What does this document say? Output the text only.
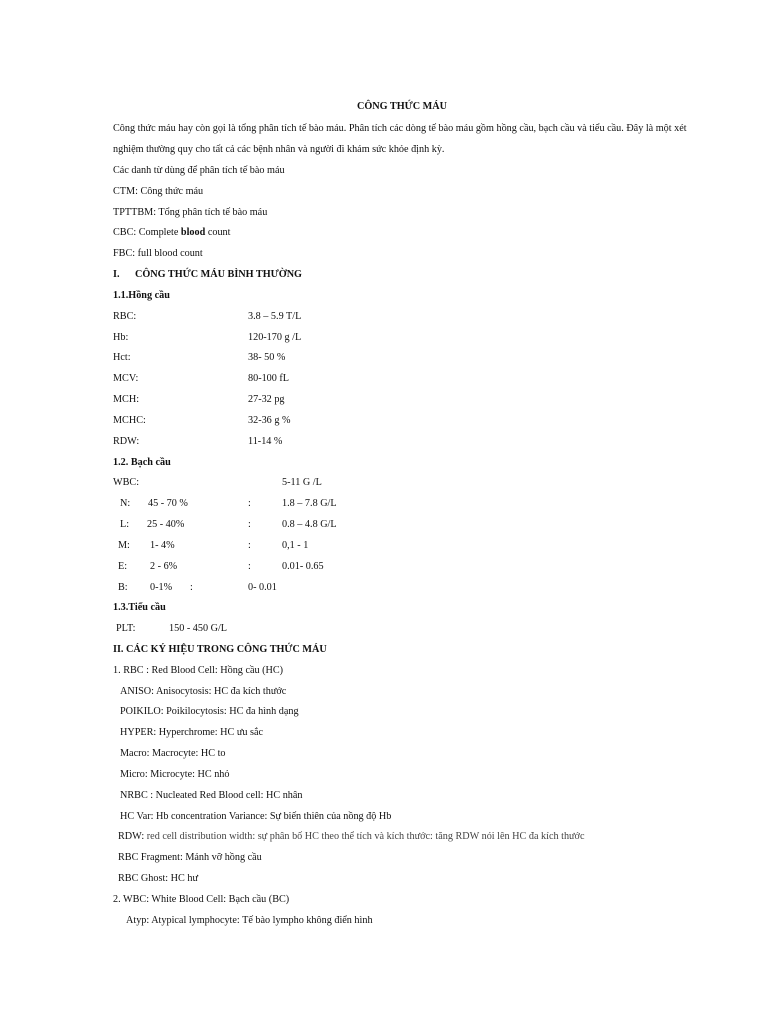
CÔNG THỨC MÁU
Công thức máu hay còn gọi là tổng phân tích tế bào máu. Phân tích các dòng tế bào máu gồm hồng cầu, bạch cầu và tiểu cầu. Đây là một xét
nghiệm thường quy cho tất cả các bệnh nhân và người đi khám sức khỏe định kỳ.
Các danh từ dùng để phân tích tế bào máu
CTM: Công thức máu
TPTTBM: Tổng phân tích tế bào máu
CBC: Complete blood count
FBC: full blood count
I. CÔNG THỨC MÁU BÌNH THƯỜNG
1.1.Hồng cầu
RBC:	3.8 – 5.9 T/L
Hb:	120-170 g /L
Hct:	38- 50 %
MCV:	80-100 fL
MCH:	27-32 pg
MCHC:	32-36 g %
RDW:	11-14 %
1.2. Bạch cầu
WBC:	5-11 G /L
N: 45 - 70 %	:	1.8 – 7.8 G/L
L: 25 - 40%	:	0.8 – 4.8 G/L
M: 1- 4%	:	0,1 - 1
E: 2 - 6%	:	0.01- 0.65
B: 0-1% :	0- 0.01
1.3.Tiểu cầu
PLT:	150 - 450 G/L
II. CÁC KÝ HIỆU TRONG CÔNG THỨC MÁU
1. RBC : Red Blood Cell: Hồng cầu (HC)
ANISO: Anisocytosis: HC đa kích thước
POIKILO: Poikilocytosis: HC đa hình dạng
HYPER: Hyperchrome: HC ưu sắc
Macro: Macrocyte: HC to
Micro: Microcyte: HC nhỏ
NRBC : Nucleated Red Blood cell: HC nhân
HC Var: Hb concentration Variance: Sự biến thiên của nồng độ Hb
RDW: red cell distribution width: sự phân bố HC theo thể tích và kích thước: tăng RDW nói lên HC đa kích thước
RBC Fragment: Mảnh vỡ hồng cầu
RBC Ghost: HC hư
2. WBC: White Blood Cell: Bạch cầu (BC)
Atyp: Atypical lymphocyte: Tế bào lympho không điển hình
